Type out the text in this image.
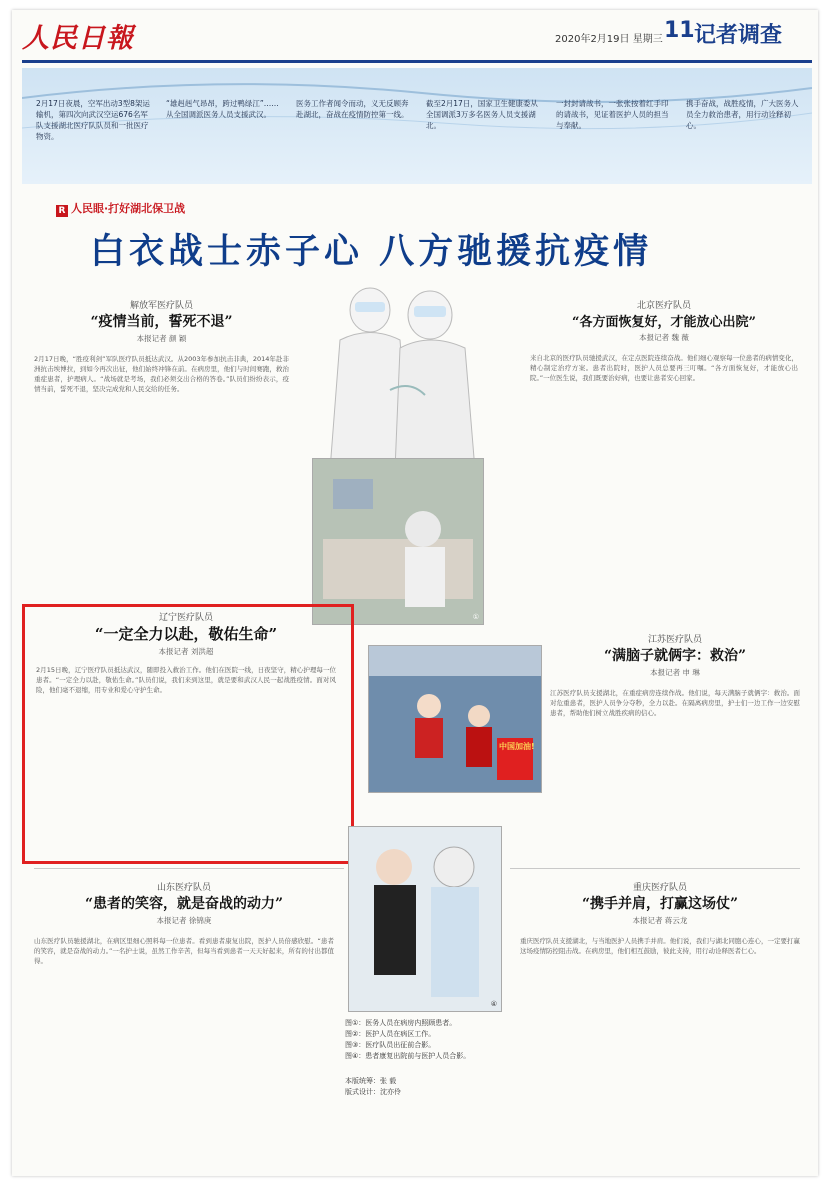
人民日報	2020年2月19日 星期三 11 记者调查
2月17日夜晨，空军出动3型8架运输机，第四次向武汉空运676名军队支援湖北医疗队队员和一批医疗物资。
“雄赳赳气昂昂，跨过鸭绿江”……从全国调派医务人员支援武汉。
医务工作者闻令而动，义无反顾奔赴湖北，奋战在疫情防控第一线。
截至2月17日，国家卫生健康委从全国调派3万多名医务人员支援湖北。
一封封请战书，一张张按着红手印的请战书，见证着医护人员的担当与奉献。
携手奋战，战胜疫情，广大医务人员全力救治患者，用行动诠释初心。
R 人民眼·打好湖北保卫战
白衣战士赤子心 八方驰援抗疫情
解放军医疗队员
“疫情当前，誓死不退”
本报记者 颜 颖
2月17日晚，“胜疫利剑”军队医疗队员抵达武汉。从2003年参加抗击非典，2014年赴非洲抗击埃博拉，到如今再次出征，他们始终冲锋在前。在病房里，他们与时间赛跑，救治重症患者，护理病人。“战场就是考场，我们必须交出合格的答卷。”队员们纷纷表示，疫情当前，誓死不退，坚决完成党和人民交给的任务。
北京医疗队员
“各方面恢复好，才能放心出院”
本报记者 魏 薇
来自北京的医疗队员驰援武汉，在定点医院连续奋战。他们细心观察每一位患者的病情变化，精心制定治疗方案。患者出院时，医护人员总要再三叮嘱。“各方面恢复好，才能放心出院。”一位医生说，我们既要治好病，也要让患者安心回家。
①
辽宁医疗队员
“一定全力以赴，敬佑生命”
本报记者 刘洪超
2月15日晚，辽宁医疗队员抵达武汉，随即投入救治工作。他们在医院一线，日夜坚守，精心护理每一位患者。“一定全力以赴，敬佑生命。”队员们说，我们来到这里，就是要和武汉人民一起战胜疫情。面对风险，他们毫不退缩，用专业和爱心守护生命。
中国加油!
江苏医疗队员
“满脑子就俩字：救治”
本报记者 申 琳
江苏医疗队员支援湖北，在重症病房连续作战。他们说，每天满脑子就俩字：救治。面对危重患者，医护人员争分夺秒，全力以赴。在隔离病房里，护士们一边工作一边安慰患者，帮助他们树立战胜疾病的信心。
④
山东医疗队员
“患者的笑容，就是奋战的动力”
本报记者 徐锦庚
山东医疗队员驰援湖北，在病区里细心照料每一位患者。看到患者康复出院，医护人员倍感欣慰。“患者的笑容，就是奋战的动力。”一名护士说，虽然工作辛苦，但每当看到患者一天天好起来，所有的付出都值得。
重庆医疗队员
“携手并肩，打赢这场仗”
本报记者 蒋云龙
重庆医疗队员支援湖北，与当地医护人员携手并肩。他们说，我们与湖北同胞心连心，一定要打赢这场疫情防控阻击战。在病房里，他们相互鼓励，彼此支持，用行动诠释医者仁心。
图①：医务人员在病房内照顾患者。
图②：医护人员在病区工作。
图③：医疗队员出征前合影。
图④：患者康复出院前与医护人员合影。
本版统筹：张 毅
版式设计：沈亦伶
